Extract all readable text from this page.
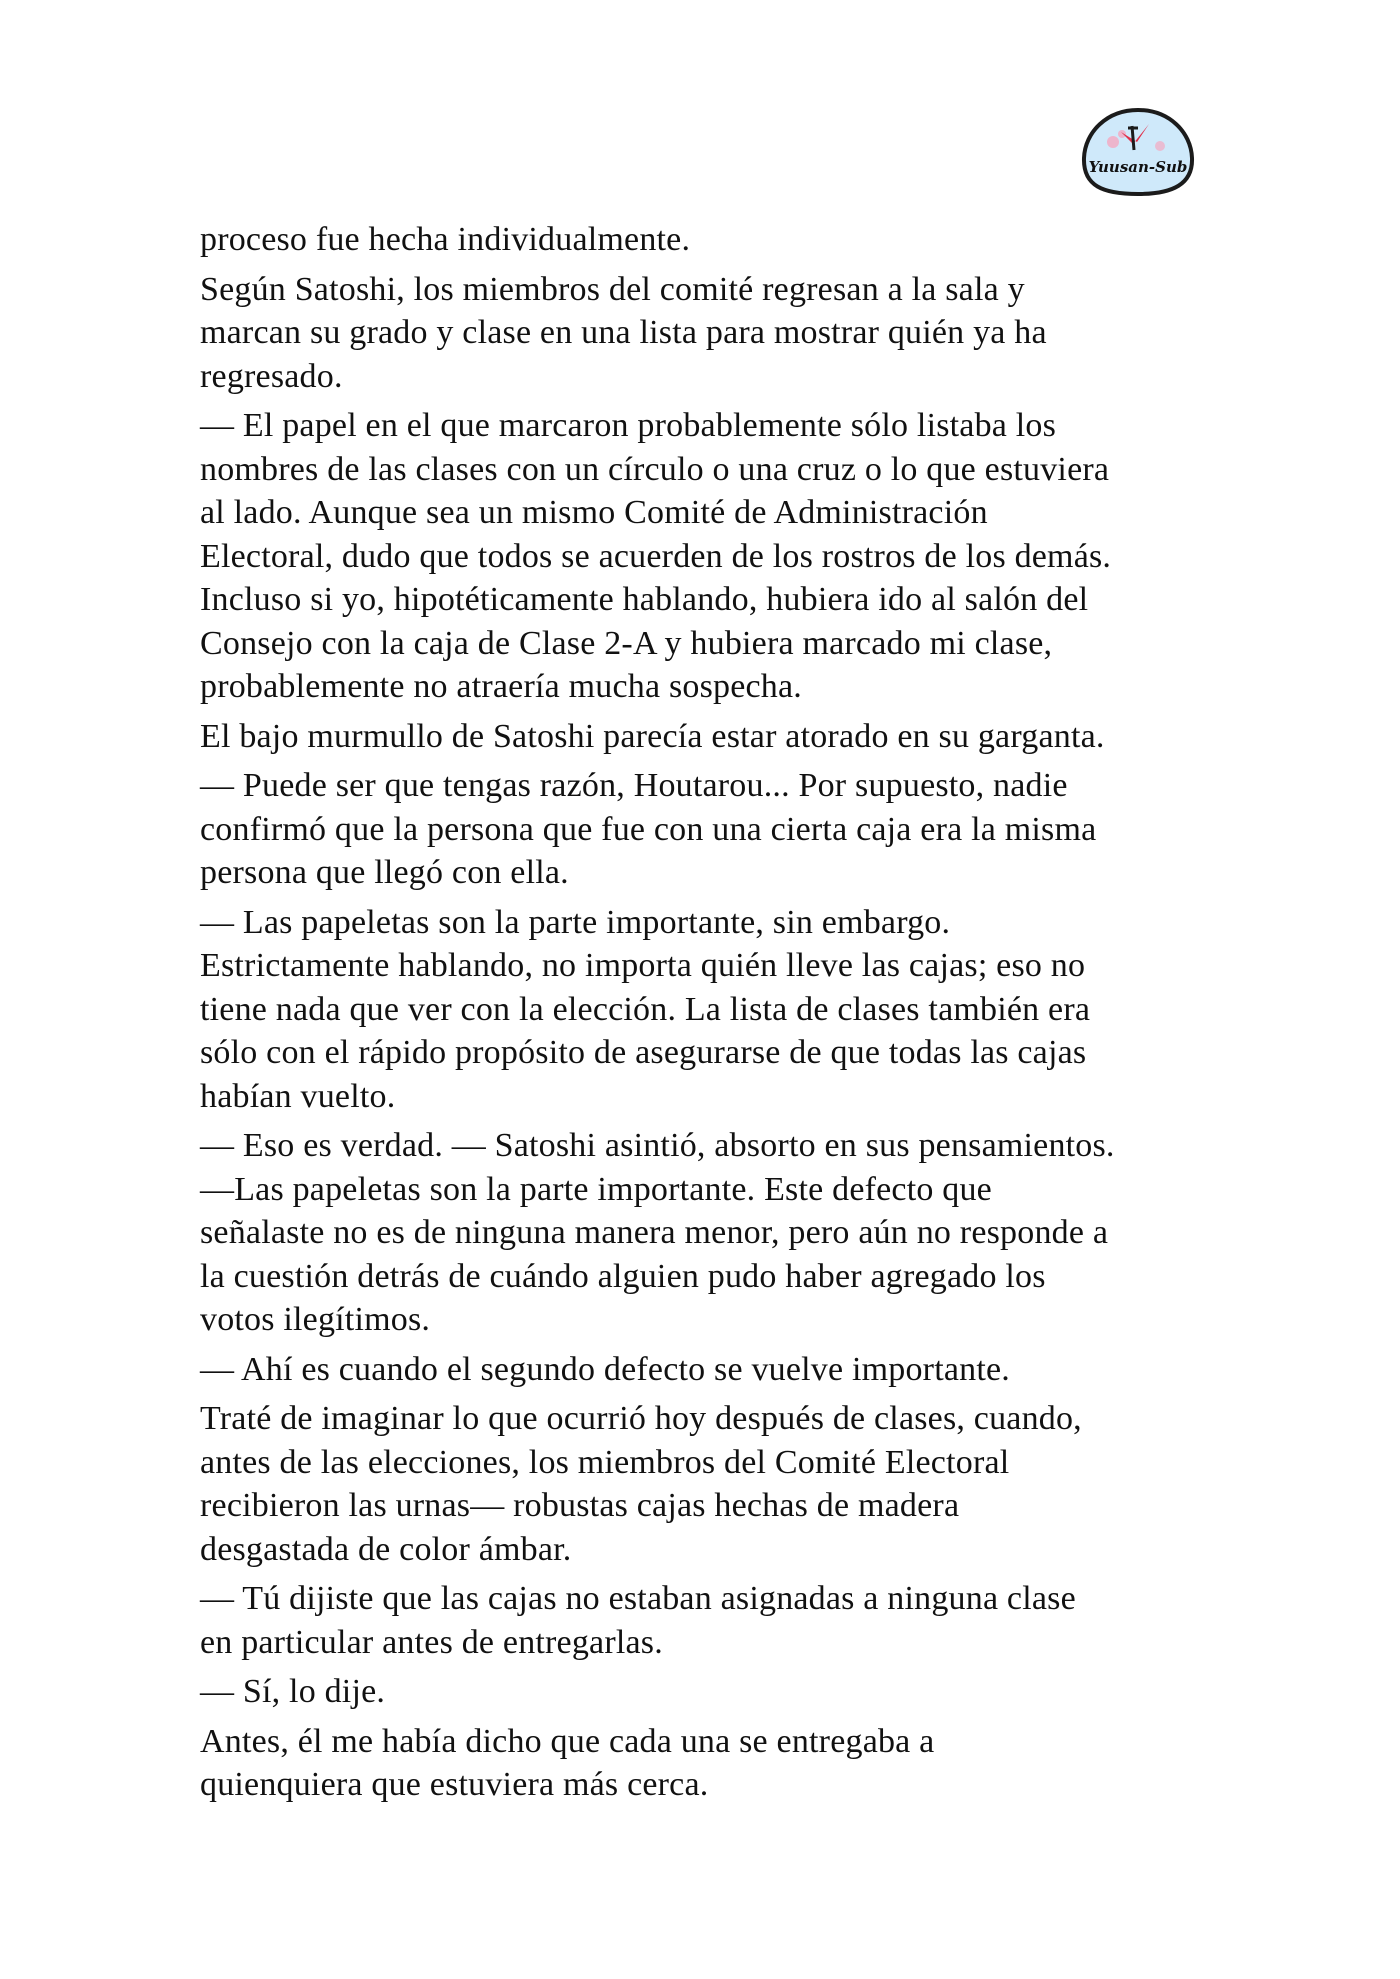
Yuusan-Sub
proceso fue hecha individualmente.
Según Satoshi, los miembros del comité regresan a la sala y
marcan su grado y clase en una lista para mostrar quién ya ha
regresado.
— El papel en el que marcaron probablemente sólo listaba los
nombres de las clases con un círculo o una cruz o lo que estuviera
al lado. Aunque sea un mismo Comité de Administración
Electoral, dudo que todos se acuerden de los rostros de los demás.
Incluso si yo, hipotéticamente hablando, hubiera ido al salón del
Consejo con la caja de Clase 2-A y hubiera marcado mi clase,
probablemente no atraería mucha sospecha.
El bajo murmullo de Satoshi parecía estar atorado en su garganta.
— Puede ser que tengas razón, Houtarou... Por supuesto, nadie
confirmó que la persona que fue con una cierta caja era la misma
persona que llegó con ella.
— Las papeletas son la parte importante, sin embargo.
Estrictamente hablando, no importa quién lleve las cajas; eso no
tiene nada que ver con la elección. La lista de clases también era
sólo con el rápido propósito de asegurarse de que todas las cajas
habían vuelto.
— Eso es verdad. — Satoshi asintió, absorto en sus pensamientos.
—Las papeletas son la parte importante. Este defecto que
señalaste no es de ninguna manera menor, pero aún no responde a
la cuestión detrás de cuándo alguien pudo haber agregado los
votos ilegítimos.
— Ahí es cuando el segundo defecto se vuelve importante.
Traté de imaginar lo que ocurrió hoy después de clases, cuando,
antes de las elecciones, los miembros del Comité Electoral
recibieron las urnas— robustas cajas hechas de madera
desgastada de color ámbar.
— Tú dijiste que las cajas no estaban asignadas a ninguna clase
en particular antes de entregarlas.
— Sí, lo dije.
Antes, él me había dicho que cada una se entregaba a
quienquiera que estuviera más cerca.
